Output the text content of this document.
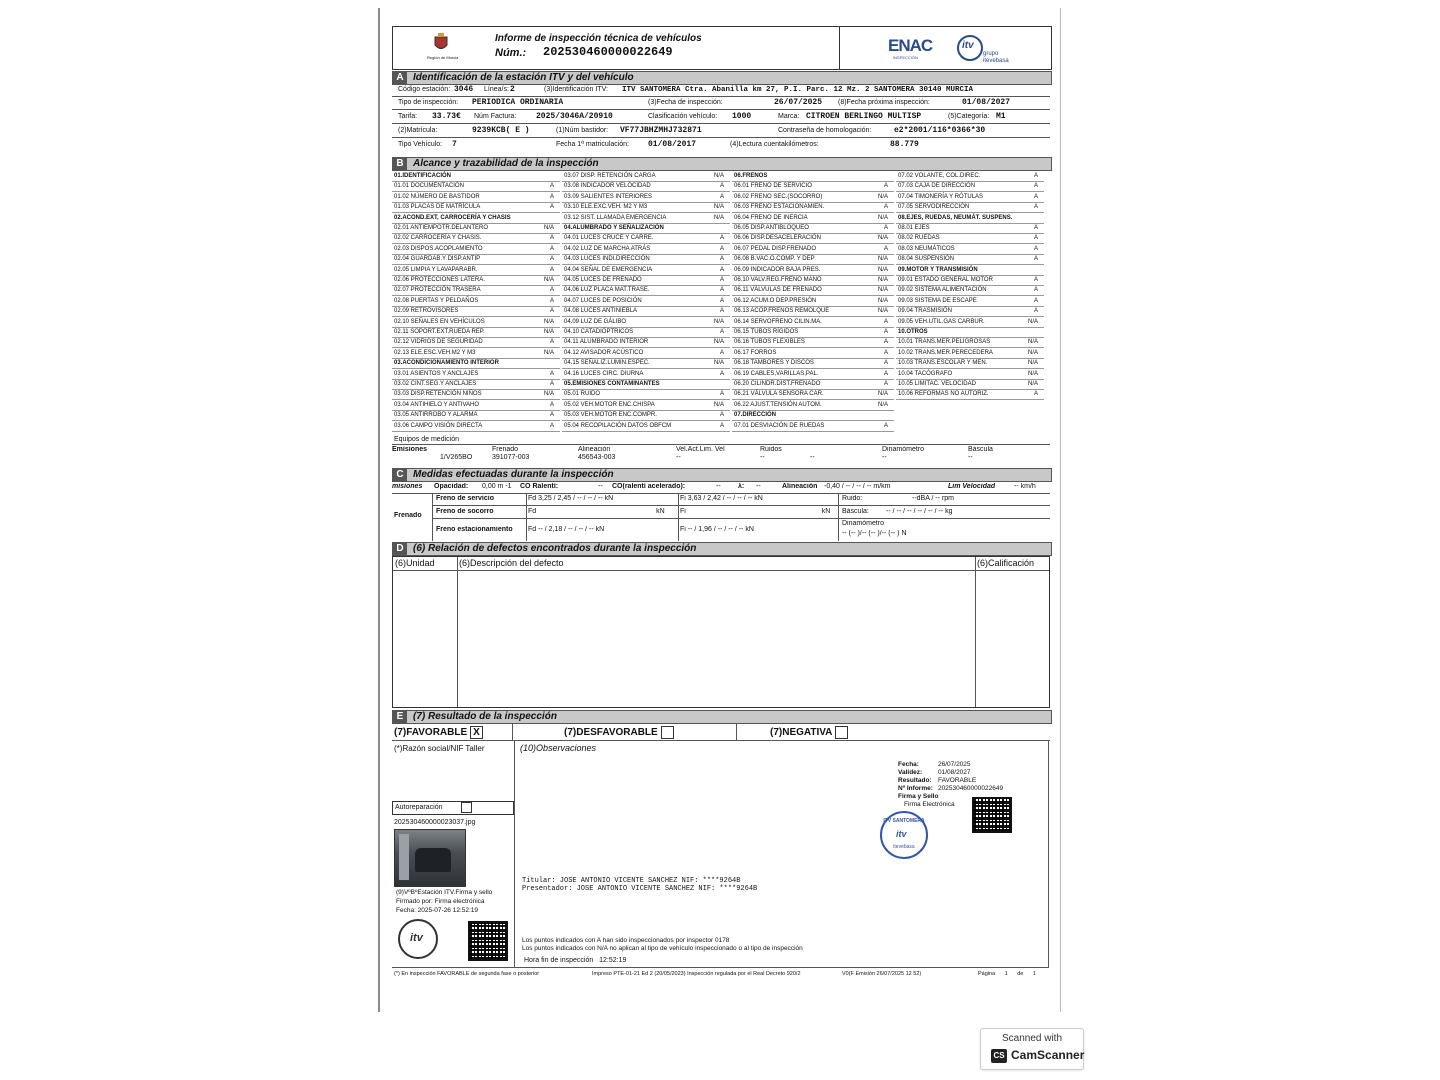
Región de Murcia
Informe de inspección técnica de vehículos
Núm.: 202530460000022649	ENAC
INSPECCIÓN
itv
grupo itevebasa
A Identificación de la estación ITV y del vehículo
Código estación: 3046 Línea/s: 2	(3)Identificación ITV: ITV SANTOMERA Ctra. Abanilla km 27, P.I. Parc. 12 Mz. 2 SANTOMERA 30140 MURCIA
Tipo de inspección: PERIÓDICA ORDINARIA	(3)Fecha de inspección:	26/07/2025 (8)Fecha próxima inspección:	01/08/2027
Tarifa: 33.73€ Núm Factura: 2025/3046A/20910	Clasificación vehículo: 1000	Marca: CITROEN BERLINGO MULTISP	(5)Categoría: M1
(2)Matrícula:	9239KCB( E )	(1)Núm bastidor: VF77JBHZMHJ732871	Contraseña de homologación:	e2*2001/116*0366*30
Tipo Vehículo: 7	Fecha 1ª matriculación: 01/08/2017	(4)Lectura cuentakilómetros:	88.779
B Alcance y trazabilidad de la inspección
01.IDENTIFICACIÓN
01.01 DOCUMENTACIÓN	A
01.02 NÚMERO DE BASTIDOR	A
01.03 PLACAS DE MATRÍCULA	A
02.ACOND.EXT, CARROCERÍA Y CHASIS
02.01 ANTIEMPOTR.DELANTERO	N/A
02.02 CARROCERÍA Y CHASIS.	A
02.03 DISPOS.ACOPLAMIENTO	A
02.04 GUARDAB.Y DISP.ANTIP	A
02.05 LIMPIA Y LAVAPARABR.	A
02.06 PROTECCIONES LATERA.	N/A
02.07 PROTECCIÓN TRASERA	A
02.08 PUERTAS Y PELDAÑOS	A
02.09 RETROVISORES	A
02.10 SEÑALES EN VEHÍCULOS	N/A
02.11 SOPORT.EXT.RUEDA REP.	N/A
02.12 VIDRIOS DE SEGURIDAD	A
02.13 ELE.ESC.VEH.M2 Y M3	N/A
03.ACONDICIONAMIENTO INTERIOR
03.01 ASIENTOS Y ANCLAJES	A
03.02 CINT.SEG.Y ANCLAJES	A
03.03 DISP.RETENCIÓN NIÑOS	N/A
03.04 ANTIHIELO Y ANTIVAHO	A
03.05 ANTIRROBO Y ALARMA	A
03.06 CAMPO VISIÓN DIRECTA	A
03.07 DISP. RETENCIÓN CARGA	N/A
03.08 INDICADOR VELOCIDAD	A
03.09 SALIENTES INTERIORES	A
03.10 ELE.EXC.VEH. M2 Y M3	N/A
03.12 SIST. LLAMADA EMERGENCIA	N/A
04.ALUMBRADO Y SEÑALIZACIÓN
04.01 LUCES CRUCE Y CARRE.	A
04.02 LUZ DE MARCHA ATRÁS	A
04.03 LUCES INDI.DIRECCIÓN	A
04.04 SEÑAL DE EMERGENCIA	A
04.05 LUCES DE FRENADO	A
04.06 LUZ PLACA MAT.TRASE.	A
04.07 LUCES DE POSICIÓN	A
04.08 LUCES ANTINIEBLA	A
04.09 LUZ DE GÁLIBO	N/A
04.10 CATADIÓPTRICOS	A
04.11 ALUMBRADO INTERIOR	N/A
04.12 AVISADOR ACÚSTICO	A
04.15 SEÑALIZ.LUMIN.ESPEC.	N/A
04.16 LUCES CIRC. DIURNA	A
05.EMISIONES CONTAMINANTES
05.01 RUIDO	A
05.02 VEH.MOTOR ENC.CHISPA	N/A
05.03 VEH.MOTOR ENC.COMPR.	A
05.04 RECOPILACIÓN DATOS OBFCM	A
06.FRENOS
06.01 FRENO DE SERVICIO	A
06.02 FRENO SEC.(SOCORRO)	N/A
06.03 FRENO ESTACIONAMIEN.	A
06.04 FRENO DE INERCIA	N/A
06.05 DISP.ANTIBLOQUEO	A
06.06 DISP.DESACELERACIÓN	N/A
06.07 PEDAL DISP.FRENADO	A
06.08 B.VAC.O.COMP. Y DEP	N/A
06.09 INDICADOR BAJA PRES.	N/A
06.10 VALV.REG.FRENO MANO	N/A
06.11 VÁLVULAS DE FRENADO	N/A
06.12 ACUM.O DEP.PRESIÓN	N/A
06.13 ACOP.FRENOS REMOLQUE	N/A
06.14 SERVOFRENO CILIN.MA.	A
06.15 TUBOS RÍGIDOS	A
06.16 TUBOS FLEXIBLES	A
06.17 FORROS	A
06.18 TAMBORES Y DISCOS	A
06.19 CABLES,VARILLAS,PAL.	A
06.20 CILINDR.DIST.FRENADO	A
06.21 VÁLVULA SENSORA CAR.	N/A
06.22 AJUST.TENSIÓN AUTOM.	N/A
07.DIRECCIÓN
07.01 DESVIACIÓN DE RUEDAS	A
07.02 VOLANTE, COL.DIREC.	A
07.03 CAJA DE DIRECCIÓN	A
07.04 TIMONERÍA Y RÓTULAS	A
07.05 SERVODIRECCIÓN	A
08.EJES, RUEDAS, NEUMÁT. SUSPENS.
08.01 EJES	A
08.02 RUEDAS	A
08.03 NEUMÁTICOS	A
08.04 SUSPENSIÓN	A
09.MOTOR Y TRANSMISIÓN
09.01 ESTADO GENERAL MOTOR	A
09.02 SISTEMA ALIMENTACIÓN	A
09.03 SISTEMA DE ESCAPE	A
09.04 TRASMISIÓN	A
09.05 VEH.UTIL.GAS CARBUR.	N/A
10.OTROS
10.01 TRANS.MER.PELIGROSAS	N/A
10.02 TRANS.MER.PERECEDERA	N/A
10.03 TRANS.ESCOLAR Y MEN.	N/A
10.04 TACÓGRAFO	N/A
10.05 LIMITAC. VELOCIDAD	N/A
10.06 REFORMAS NO AUTORIZ.	A
Equipos de medición
Emisiones
1/V265BO
Frenado
391077-003
Alineación
456543-003
Vel.Act.Lim. Vel
--
Ruidos
--	--
Dinamómetro
--
Báscula
--
C Medidas efectuadas durante la inspección
misiones Opacidad: 0,00 m -1 CO Ralentí:	-- CO(ralentí acelerado):	-- λ: --	Alineación -0,40 / -- / -- / -- m/km	Lim Velocidad	-- km/h
Frenado
Freno de servicio	Fd 3,25 / 2,45 / -- / -- / -- kN	Fi 3,63 / 2,42 / -- / -- / -- kN
Freno de socorro	Fd kN	Fi kN
Freno estacionamiento Fd -- / 2,18 / -- / -- / -- kN	Fi -- / 1,96 / -- / -- / -- kN
Ruido:	--dBA / -- rpm
Báscula: -- / -- / -- / -- / -- / -- kg
Dinamómetro
-- (-- )/-- (-- )/-- (-- ) N
D (6) Relación de defectos encontrados durante la inspección
(6)Unidad	(6)Descripción del defecto	(6)Calificación
E (7) Resultado de la inspección
(7)FAVORABLE X	(7)DESFAVORABLE	(7)NEGATIVA
(*)Razón social/NIF Taller	(10)Observaciones
Autoreparación
202530460000023037.jpg
(9)VºBºEstación ITV.Firma y sello
Firmado por: Firma electrónica
Fecha: 2025-07-26 12:52:19
itv
Fecha:	26/07/2025
Validez: 01/08/2027
Resultado: FAVORABLE
Nº Informe: 202530460000022649
Firma y Sello
Firma Electrónica
ITV SANTOMERA
itv
itevebasa
Titular: JOSE ANTONIO VICENTE SANCHEZ NIF: ****9264B
Presentador: JOSE ANTONIO VICENTE SANCHEZ NIF: ****9264B
Los puntos indicados con A han sido inspeccionados por inspector 0178
Los puntos indicados con N/A no aplican al tipo de vehículo inspeccionado o al tipo de inspección
Hora fin de inspección 12:52:19
(*) En inspección FAVORABLE de segunda fase o posterior	Impreso PTE-01-21 Ed 2 (20/05/2023) Inspección regulada por el Real Decreto 920/2	V0(F Emisión 26/07/2025 12 52)	Página 1 de 1
Scanned with
CS CamScanner
